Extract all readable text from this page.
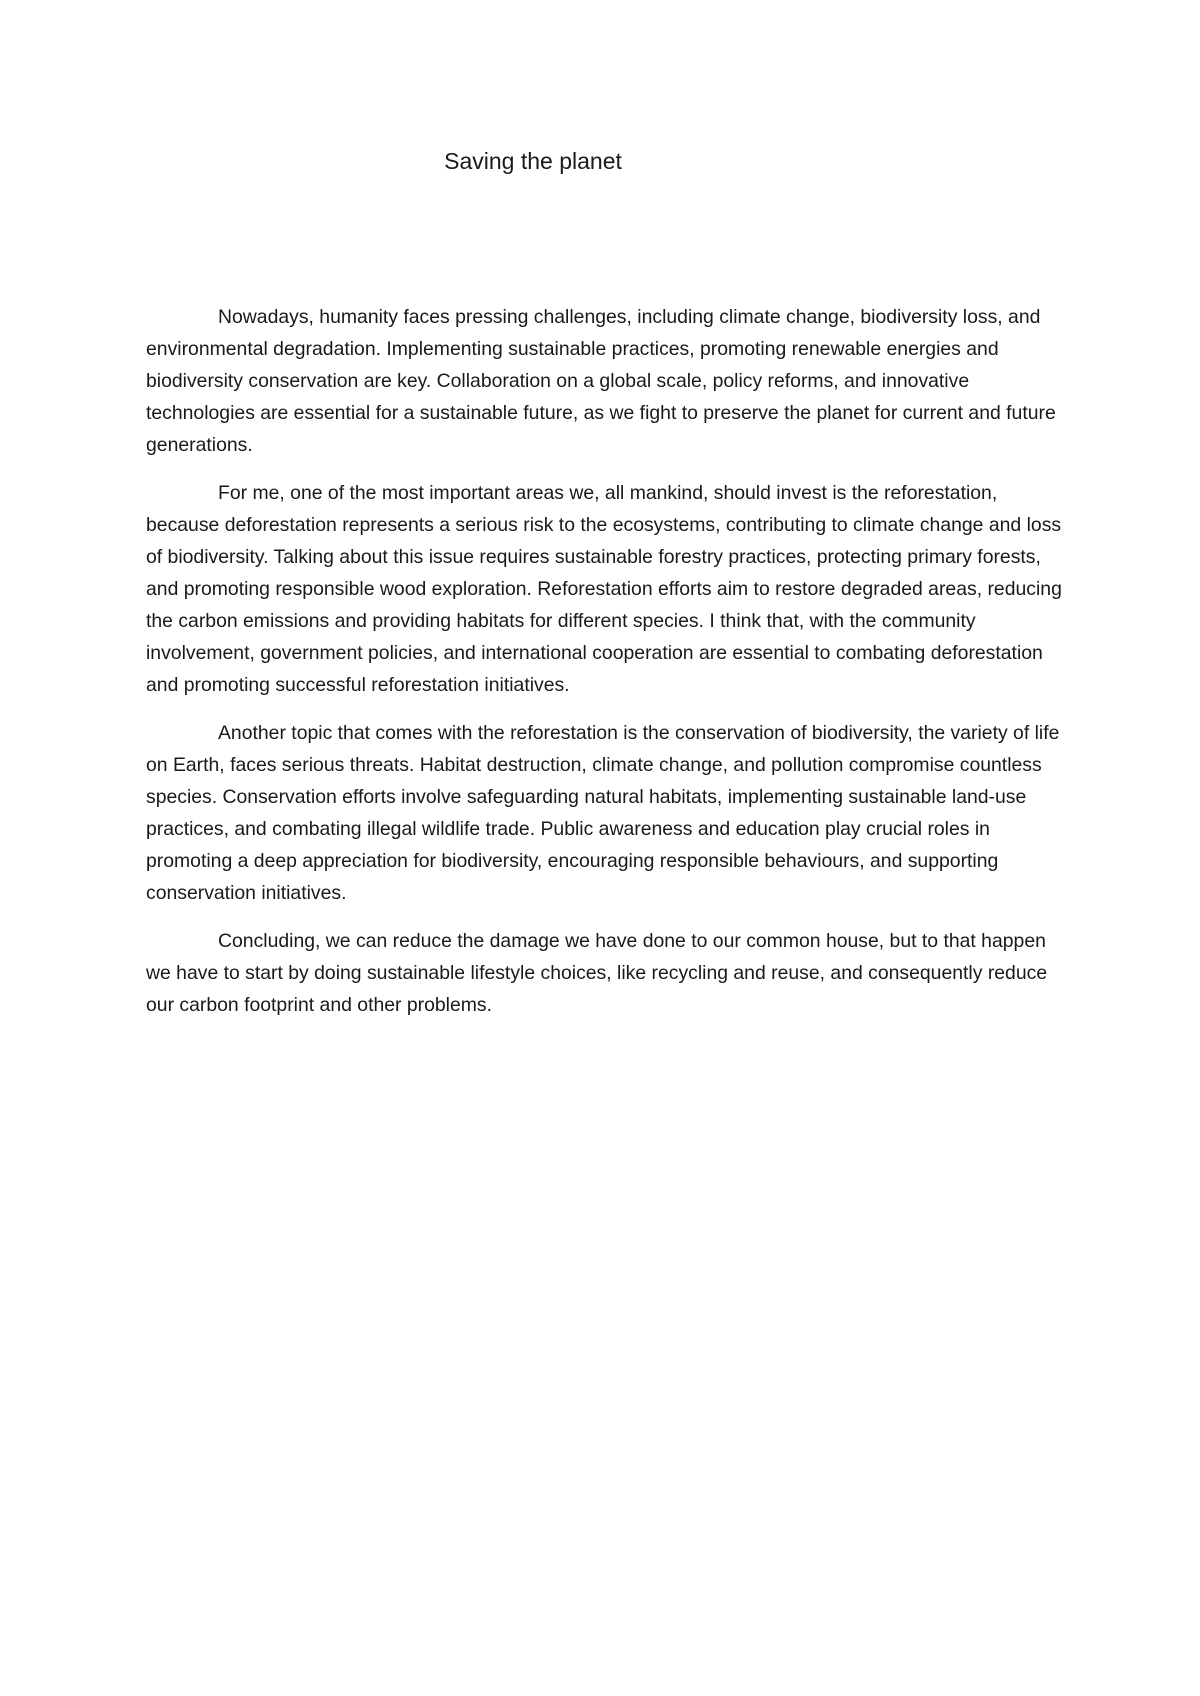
Saving the planet

Nowadays, humanity faces pressing challenges, including climate change, biodiversity loss, and environmental degradation. Implementing sustainable practices, promoting renewable energies and biodiversity conservation are key. Collaboration on a global scale, policy reforms, and innovative technologies are essential for a sustainable future, as we fight to preserve the planet for current and future generations.

For me, one of the most important areas we, all mankind, should invest is the reforestation, because deforestation represents a serious risk to the ecosystems, contributing to climate change and loss of biodiversity. Talking about this issue requires sustainable forestry practices, protecting primary forests, and promoting responsible wood exploration. Reforestation efforts aim to restore degraded areas, reducing the carbon emissions and providing habitats for different species. I think that, with the community involvement, government policies, and international cooperation are essential to combating deforestation and promoting successful reforestation initiatives.

Another topic that comes with the reforestation is the conservation of biodiversity, the variety of life on Earth, faces serious threats. Habitat destruction, climate change, and pollution compromise countless species. Conservation efforts involve safeguarding natural habitats, implementing sustainable land-use practices, and combating illegal wildlife trade. Public awareness and education play crucial roles in promoting a deep appreciation for biodiversity, encouraging responsible behaviours, and supporting conservation initiatives.

Concluding, we can reduce the damage we have done to our common house, but to that happen we have to start by doing sustainable lifestyle choices, like recycling and reuse, and consequently reduce our carbon footprint and other problems.
